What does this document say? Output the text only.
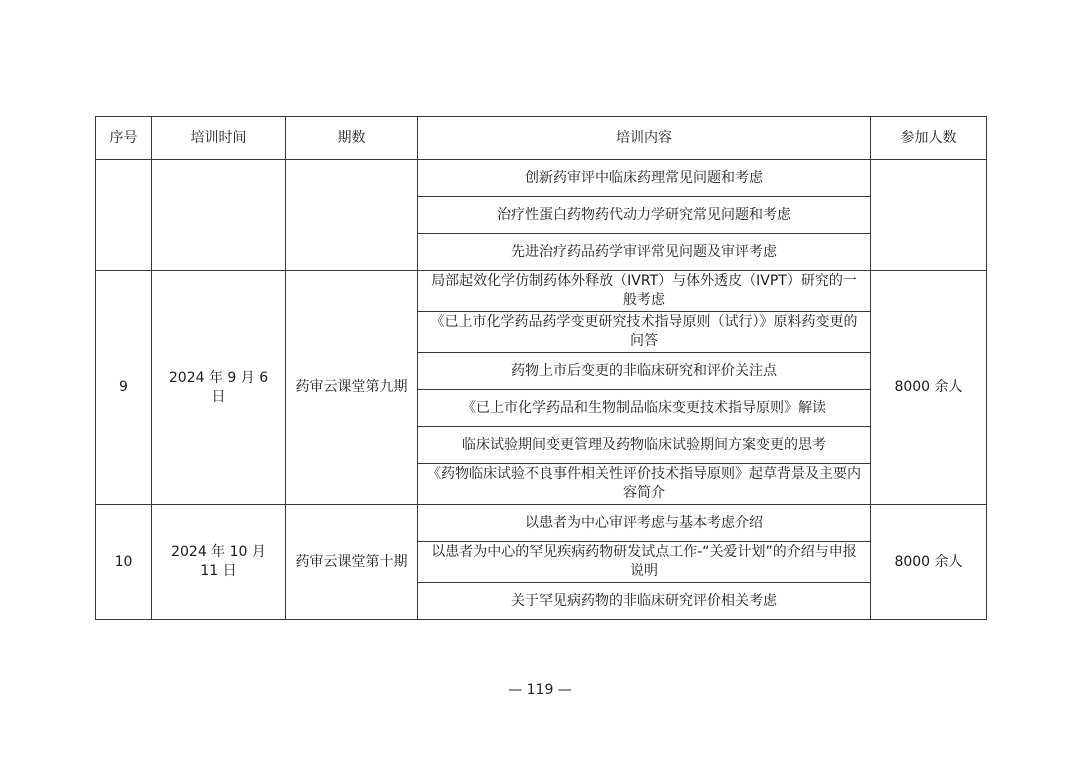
序号	培训时间	期数	培训内容	参加人数
			创新药审评中临床药理常见问题和考虑	
			治疗性蛋白药物药代动力学研究常见问题和考虑	
			先进治疗药品药学审评常见问题及审评考虑	
9	2024 年 9 月 6 日	药审云课堂第九期	局部起效化学仿制药体外释放（IVRT）与体外透皮（IVPT）研究的一般考虑	8000 余人
			《已上市化学药品药学变更研究技术指导原则（试行）》原料药变更的问答	
			药物上市后变更的非临床研究和评价关注点	
			《已上市化学药品和生物制品临床变更技术指导原则》解读	
			临床试验期间变更管理及药物临床试验期间方案变更的思考	
			《药物临床试验不良事件相关性评价技术指导原则》起草背景及主要内容简介	
10	2024 年 10 月 11 日	药审云课堂第十期	以患者为中心审评考虑与基本考虑介绍	8000 余人
			以患者为中心的罕见疾病药物研发试点工作-“关爱计划”的介绍与申报说明	
			关于罕见病药物的非临床研究评价相关考虑	
— 119 —
